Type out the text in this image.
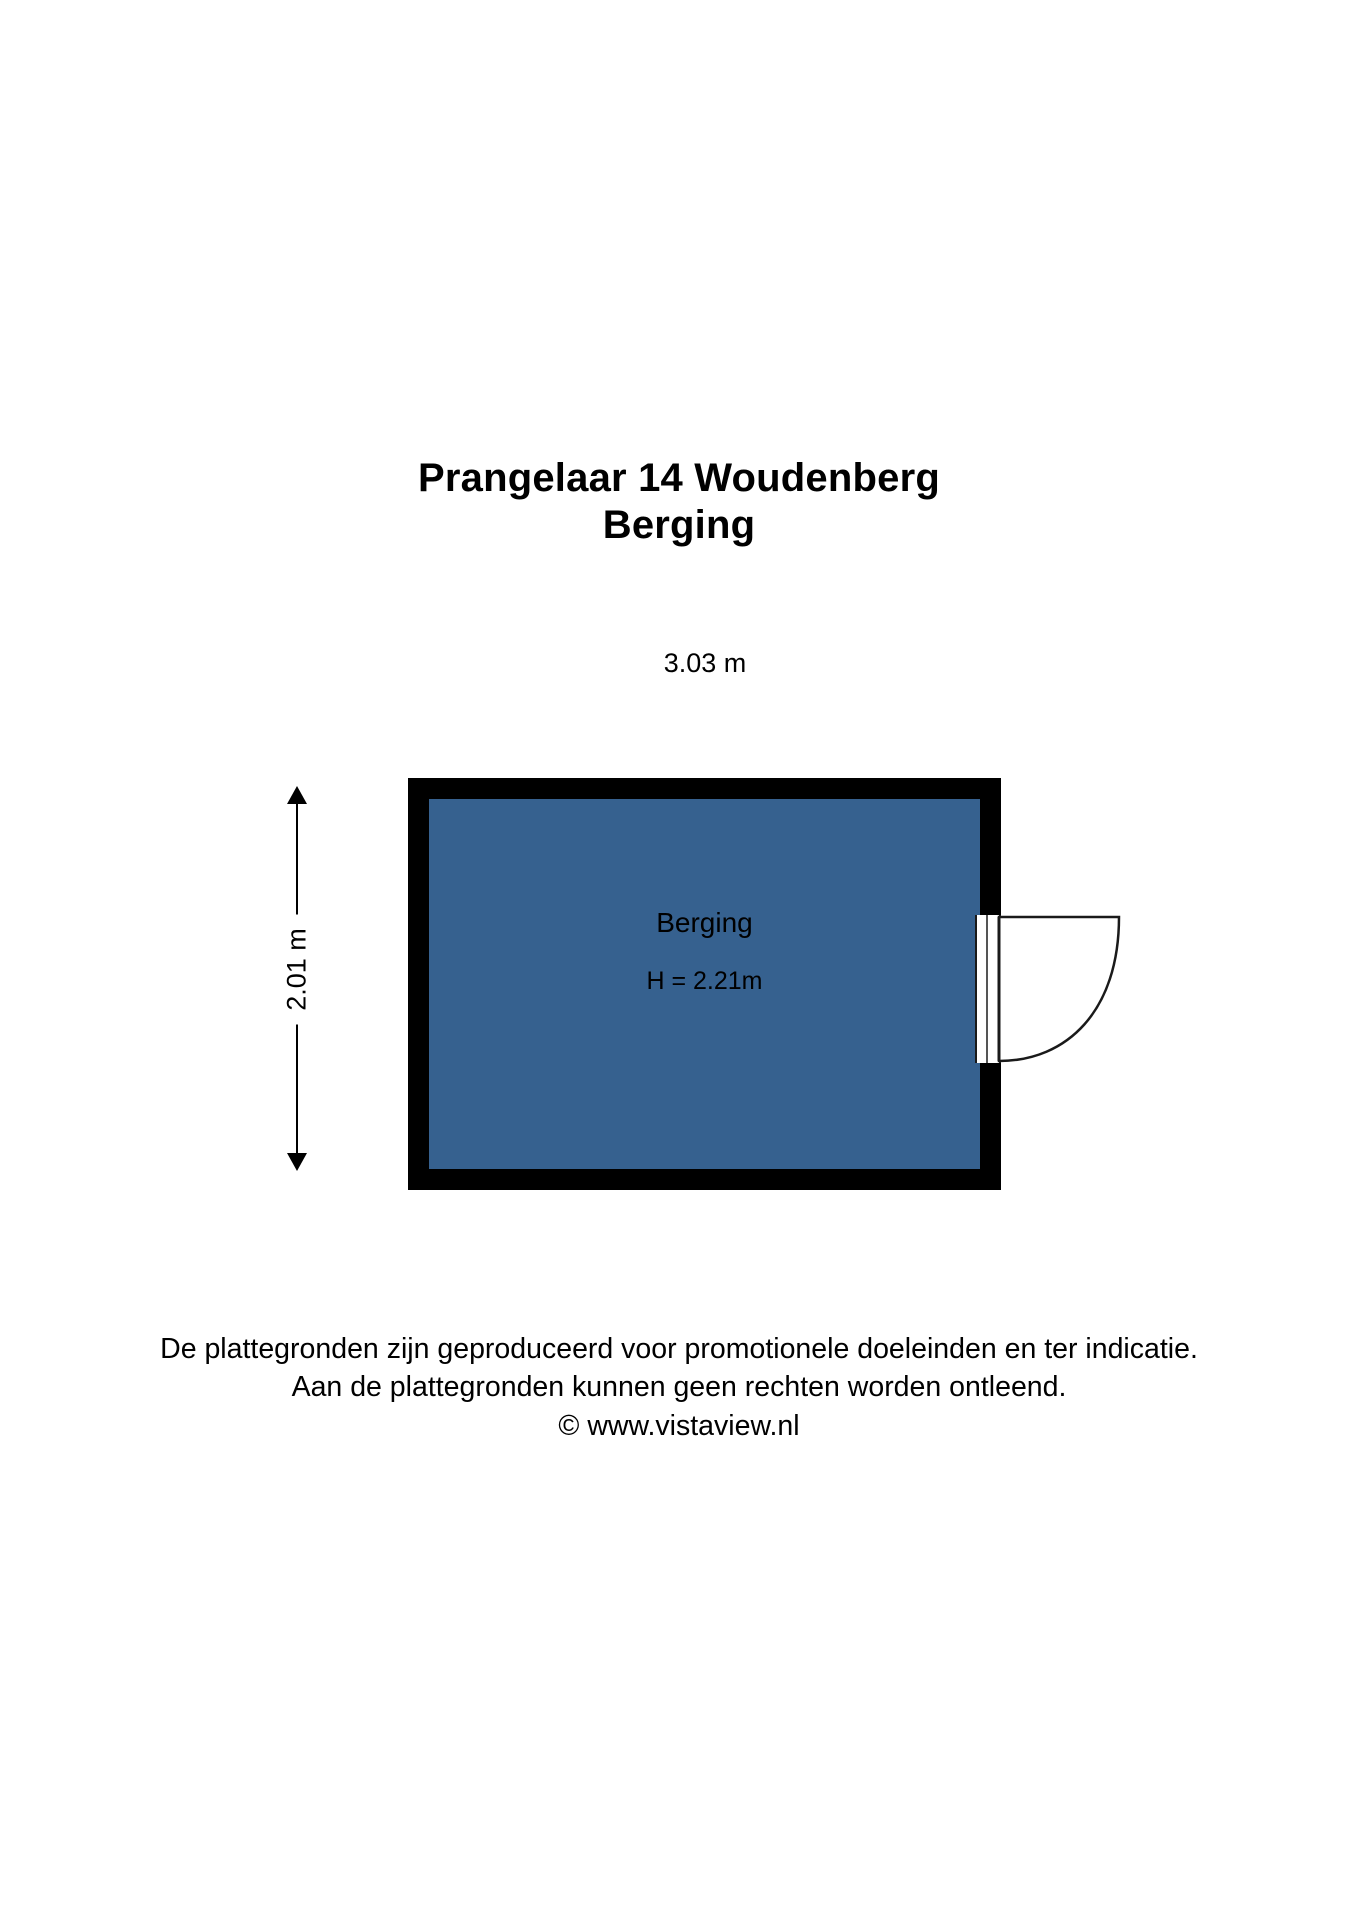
Prangelaar 14 Woudenberg
Berging
3.03 m
2.01 m
Berging
H = 2.21m
De plattegronden zijn geproduceerd voor promotionele doeleinden en ter indicatie.
Aan de plattegronden kunnen geen rechten worden ontleend.
© www.vistaview.nl
